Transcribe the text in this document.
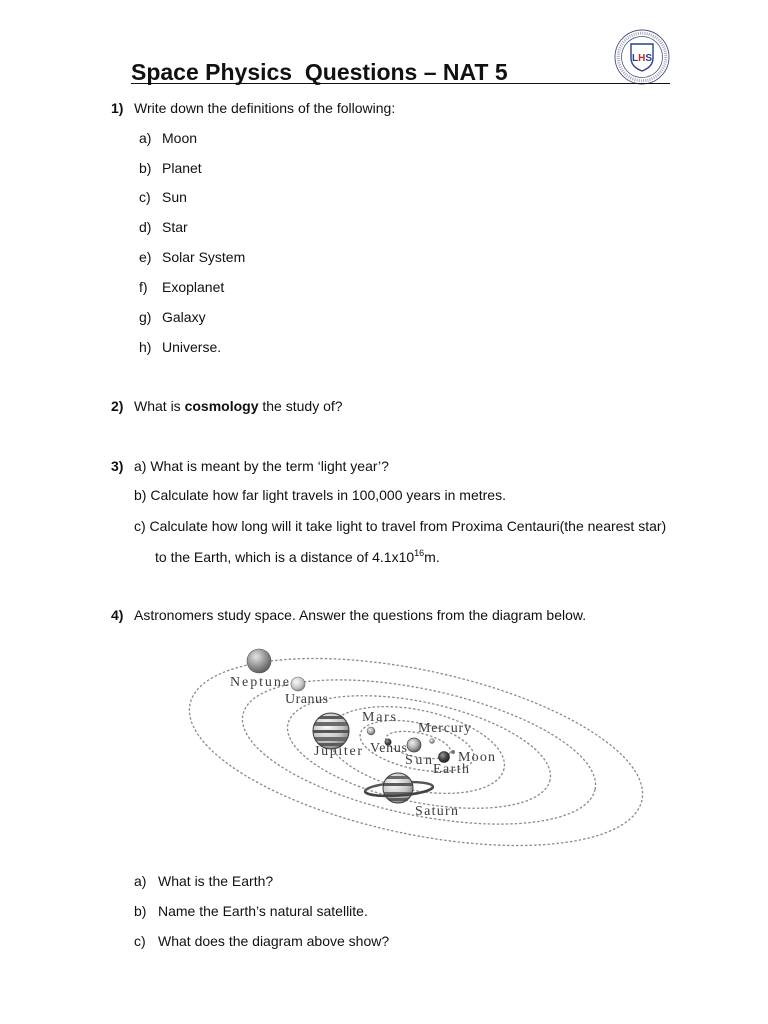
LHS
Space Physics  Questions – NAT 5
1) Write down the definitions of the following:
a) Moon
b) Planet
c) Sun
d) Star
e) Solar System
f) Exoplanet
g) Galaxy
h) Universe.
2) What is cosmology the study of?
3) a) What is meant by the term ‘light year’?
b) Calculate how far light travels in 100,000 years in metres.
c) Calculate how long will it take light to travel from Proxima Centauri(the nearest star)
to the Earth, which is a distance of $4.1x10^{16}m$.
4) Astronomers study space. Answer the questions from the diagram below.
Neptune
Uranus
Mars
Mercury
Jupiter Venus
Sun Moon
Earth
Saturn
a) What is the Earth?
b) Name the Earth’s natural satellite.
c) What does the diagram above show?
